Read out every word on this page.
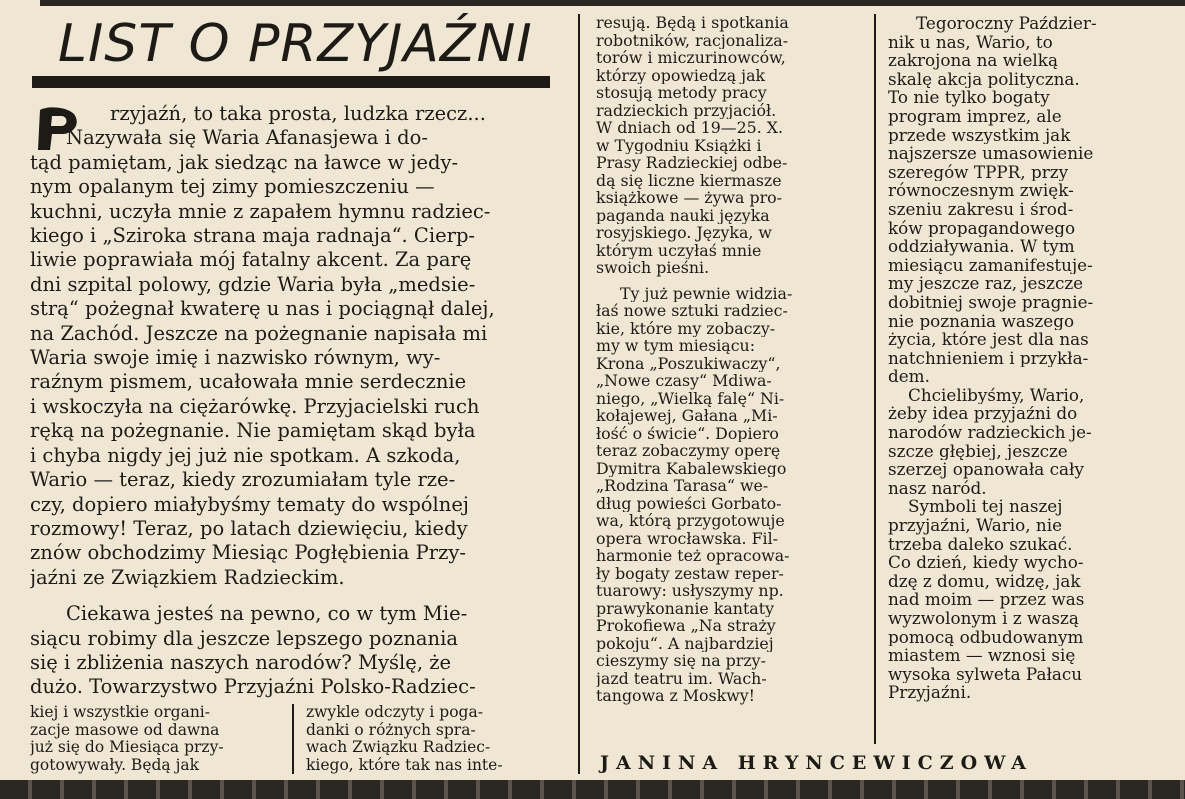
LIST O PRZYJAŹNI
rzyjaźń, to taka prosta, ludzka rzecz...
Nazywała się Waria Afanasjewa i do-
tąd pamiętam, jak siedząc na ławce w jedy-
nym opalanym tej zimy pomieszczeniu —
kuchni, uczyła mnie z zapałem hymnu radziec-
kiego i „Sziroka strana maja radnaja“. Cierp-
liwie poprawiała mój fatalny akcent. Za parę
dni szpital polowy, gdzie Waria była „medsie-
strą“ pożegnał kwaterę u nas i pociągnął dalej,
na Zachód. Jeszcze na pożegnanie napisała mi
Waria swoje imię i nazwisko równym, wy-
raźnym pismem, ucałowała mnie serdecznie
i wskoczyła na ciężarówkę. Przyjacielski ruch
ręką na pożegnanie. Nie pamiętam skąd była
i chyba nigdy jej już nie spotkam. A szkoda,
Wario — teraz, kiedy zrozumiałam tyle rze-
czy, dopiero miałybyśmy tematy do wspólnej
rozmowy! Teraz, po latach dziewięciu, kiedy
znów obchodzimy Miesiąc Pogłębienia Przy-
jaźni ze Związkiem Radzieckim.
Ciekawa jesteś na pewno, co w tym Mie-
siącu robimy dla jeszcze lepszego poznania
się i zbliżenia naszych narodów? Myślę, że
dużo. Towarzystwo Przyjaźni Polsko-Radziec-
kiej i wszystkie organi-
zacje masowe od dawna
już się do Miesiąca przy-
gotowywały. Będą jak
zwykle odczyty i poga-
danki o różnych spra-
wach Związku Radziec-
kiego, które tak nas inte-
resują. Będą i spotkania
robotników, racjonaliza-
torów i miczurinowców,
którzy opowiedzą jak
stosują metody pracy
radzieckich przyjaciół.
W dniach od 19—25. X.
w Tygodniu Książki i
Prasy Radzieckiej odbe-
dą się liczne kiermasze
książkowe — żywa pro-
paganda nauki języka
rosyjskiego. Języka, w
którym uczyłaś mnie
swoich pieśni.
Ty już pewnie widzia-
łaś nowe sztuki radziec-
kie, które my zobaczy-
my w tym miesiącu:
Krona „Poszukiwaczy“,
„Nowe czasy“ Mdiwa-
niego, „Wielką falę“ Ni-
kołajewej, Gałana „Mi-
łość o świcie“. Dopiero
teraz zobaczymy operę
Dymitra Kabalewskiego
„Rodzina Tarasa“ we-
dług powieści Gorbato-
wa, którą przygotowuje
opera wrocławska. Fil-
harmonie też opracowa-
ły bogaty zestaw reper-
tuarowy: usłyszymy np.
prawykonanie kantaty
Prokofiewa „Na straży
pokoju“. A najbardziej
cieszymy się na przy-
jazd teatru im. Wach-
tangowa z Moskwy!
Tegoroczny Paździer-
nik u nas, Wario, to
zakrojona na wielką
skalę akcja polityczna.
To nie tylko bogaty
program imprez, ale
przede wszystkim jak
najszersze umasowienie
szeregów TPPR, przy
równoczesnym zwięk-
szeniu zakresu i środ-
ków propagandowego
oddziaływania. W tym
miesiącu zamanifestuje-
my jeszcze raz, jeszcze
dobitniej swoje pragnie-
nie poznania waszego
życia, które jest dla nas
natchnieniem i przykła-
dem.
Chcielibyśmy, Wario,
żeby idea przyjaźni do
narodów radzieckich je-
szcze głębiej, jeszcze
szerzej opanowała cały
nasz naród.
Symboli tej naszej
przyjaźni, Wario, nie
trzeba daleko szukać.
Co dzień, kiedy wycho-
dzę z domu, widzę, jak
nad moim — przez was
wyzwolonym i z waszą
pomocą odbudowanym
miastem — wznosi się
wysoka sylweta Pałacu
Przyjaźni.
JANINA HRYNCEWICZOWA
